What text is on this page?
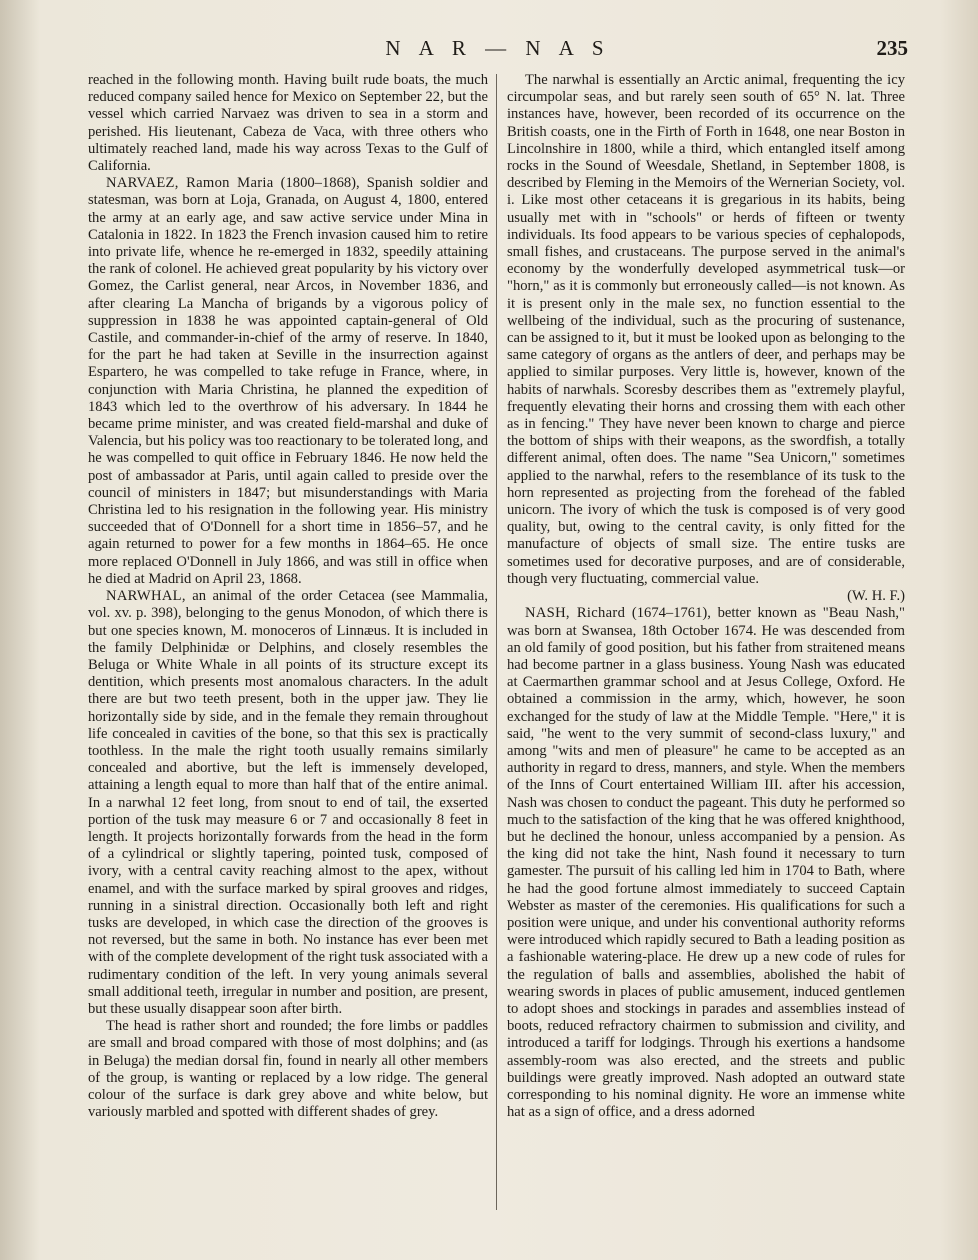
N A R — N A S	235

reached in the following month. Having built rude boats, the much reduced company sailed hence for Mexico on September 22, but the vessel which carried Narvaez was driven to sea in a storm and perished. His lieutenant, Cabeza de Vaca, with three others who ultimately reached land, made his way across Texas to the Gulf of California.

NARVAEZ, Ramon Maria (1800–1868), Spanish soldier and statesman, was born at Loja, Granada, on August 4, 1800, entered the army at an early age, and saw active service under Mina in Catalonia in 1822. In 1823 the French invasion caused him to retire into private life, whence he re-emerged in 1832, speedily attaining the rank of colonel. He achieved great popularity by his victory over Gomez, the Carlist general, near Arcos, in November 1836, and after clearing La Mancha of brigands by a vigorous policy of suppression in 1838 he was appointed captain-general of Old Castile, and commander-in-chief of the army of reserve. In 1840, for the part he had taken at Seville in the insurrection against Espartero, he was compelled to take refuge in France, where, in conjunction with Maria Christina, he planned the expedition of 1843 which led to the overthrow of his adversary. In 1844 he became prime minister, and was created field-marshal and duke of Valencia, but his policy was too reactionary to be tolerated long, and he was compelled to quit office in February 1846. He now held the post of ambassador at Paris, until again called to preside over the council of ministers in 1847; but misunderstandings with Maria Christina led to his resignation in the following year. His ministry succeeded that of O'Donnell for a short time in 1856–57, and he again returned to power for a few months in 1864–65. He once more replaced O'Donnell in July 1866, and was still in office when he died at Madrid on April 23, 1868.

NARWHAL, an animal of the order Cetacea (see Mammalia, vol. xv. p. 398), belonging to the genus Monodon, of which there is but one species known, M. monoceros of Linnæus. It is included in the family Delphinidæ or Delphins, and closely resembles the Beluga or White Whale in all points of its structure except its dentition, which presents most anomalous characters. In the adult there are but two teeth present, both in the upper jaw. They lie horizontally side by side, and in the female they remain throughout life concealed in cavities of the bone, so that this sex is practically toothless. In the male the right tooth usually remains similarly concealed and abortive, but the left is immensely developed, attaining a length equal to more than half that of the entire animal. In a narwhal 12 feet long, from snout to end of tail, the exserted portion of the tusk may measure 6 or 7 and occasionally 8 feet in length. It projects horizontally forwards from the head in the form of a cylindrical or slightly tapering, pointed tusk, composed of ivory, with a central cavity reaching almost to the apex, without enamel, and with the surface marked by spiral grooves and ridges, running in a sinistral direction. Occasionally both left and right tusks are developed, in which case the direction of the grooves is not reversed, but the same in both. No instance has ever been met with of the complete development of the right tusk associated with a rudimentary condition of the left. In very young animals several small additional teeth, irregular in number and position, are present, but these usually disappear soon after birth.

The head is rather short and rounded; the fore limbs or paddles are small and broad compared with those of most dolphins; and (as in Beluga) the median dorsal fin, found in nearly all other members of the group, is wanting or replaced by a low ridge. The general colour of the surface is dark grey above and white below, but variously marbled and spotted with different shades of grey.

The narwhal is essentially an Arctic animal, frequenting the icy circumpolar seas, and but rarely seen south of 65° N. lat. Three instances have, however, been recorded of its occurrence on the British coasts, one in the Firth of Forth in 1648, one near Boston in Lincolnshire in 1800, while a third, which entangled itself among rocks in the Sound of Weesdale, Shetland, in September 1808, is described by Fleming in the Memoirs of the Wernerian Society, vol. i. Like most other cetaceans it is gregarious in its habits, being usually met with in "schools" or herds of fifteen or twenty individuals. Its food appears to be various species of cephalopods, small fishes, and crustaceans. The purpose served in the animal's economy by the wonderfully developed asymmetrical tusk—or "horn," as it is commonly but erroneously called—is not known. As it is present only in the male sex, no function essential to the wellbeing of the individual, such as the procuring of sustenance, can be assigned to it, but it must be looked upon as belonging to the same category of organs as the antlers of deer, and perhaps may be applied to similar purposes. Very little is, however, known of the habits of narwhals. Scoresby describes them as "extremely playful, frequently elevating their horns and crossing them with each other as in fencing." They have never been known to charge and pierce the bottom of ships with their weapons, as the swordfish, a totally different animal, often does. The name "Sea Unicorn," sometimes applied to the narwhal, refers to the resemblance of its tusk to the horn represented as projecting from the forehead of the fabled unicorn. The ivory of which the tusk is composed is of very good quality, but, owing to the central cavity, is only fitted for the manufacture of objects of small size. The entire tusks are sometimes used for decorative purposes, and are of considerable, though very fluctuating, commercial value.
(W. H. F.)

NASH, Richard (1674–1761), better known as "Beau Nash," was born at Swansea, 18th October 1674. He was descended from an old family of good position, but his father from straitened means had become partner in a glass business. Young Nash was educated at Caermarthen grammar school and at Jesus College, Oxford. He obtained a commission in the army, which, however, he soon exchanged for the study of law at the Middle Temple. "Here," it is said, "he went to the very summit of second-class luxury," and among "wits and men of pleasure" he came to be accepted as an authority in regard to dress, manners, and style. When the members of the Inns of Court entertained William III. after his accession, Nash was chosen to conduct the pageant. This duty he performed so much to the satisfaction of the king that he was offered knighthood, but he declined the honour, unless accompanied by a pension. As the king did not take the hint, Nash found it necessary to turn gamester. The pursuit of his calling led him in 1704 to Bath, where he had the good fortune almost immediately to succeed Captain Webster as master of the ceremonies. His qualifications for such a position were unique, and under his conventional authority reforms were introduced which rapidly secured to Bath a leading position as a fashionable watering-place. He drew up a new code of rules for the regulation of balls and assemblies, abolished the habit of wearing swords in places of public amusement, induced gentlemen to adopt shoes and stockings in parades and assemblies instead of boots, reduced refractory chairmen to submission and civility, and introduced a tariff for lodgings. Through his exertions a handsome assembly-room was also erected, and the streets and public buildings were greatly improved. Nash adopted an outward state corresponding to his nominal dignity. He wore an immense white hat as a sign of office, and a dress adorned
